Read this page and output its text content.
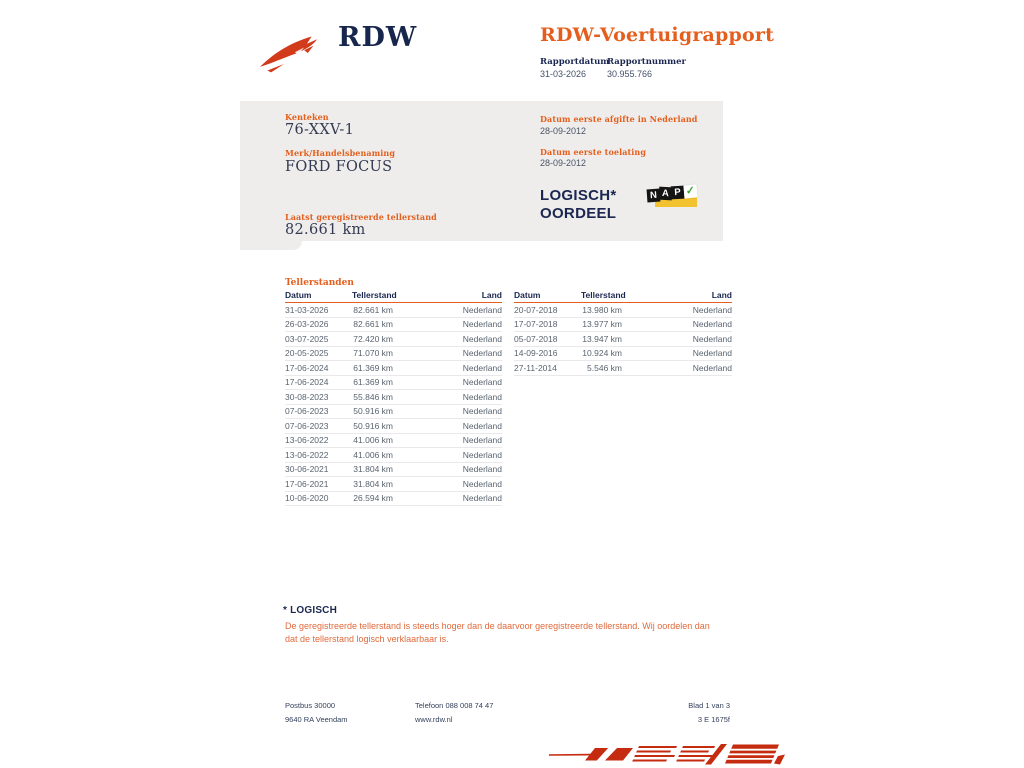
RDW	RDW-Voertuigrapport
Rapportdatum
Rapportnummer
31-03-2026 30.955.766
Kenteken
76-XXV-1
Merk/Handelsbenaming
FORD FOCUS
Laatst geregistreerde tellerstand
82.661 km
Datum eerste afgifte in Nederland
28-09-2012
Datum eerste toelating
28-09-2012
LOGISCH*
OORDEEL
N A P ✓
Tellerstanden
Datum	Tellerstand	Land
31-03-2026	82.661 km	Nederland
26-03-2026	82.661 km	Nederland
03-07-2025	72.420 km	Nederland
20-05-2025	71.070 km	Nederland
17-06-2024	61.369 km	Nederland
17-06-2024	61.369 km	Nederland
30-08-2023	55.846 km	Nederland
07-06-2023	50.916 km	Nederland
07-06-2023	50.916 km	Nederland
13-06-2022	41.006 km	Nederland
13-06-2022	41.006 km	Nederland
30-06-2021	31.804 km	Nederland
17-06-2021	31.804 km	Nederland
10-06-2020	26.594 km	Nederland
Datum	Tellerstand	Land
20-07-2018	13.980 km	Nederland
17-07-2018	13.977 km	Nederland
05-07-2018	13.947 km	Nederland
14-09-2016	10.924 km	Nederland
27-11-2014	5.546 km	Nederland
* LOGISCH
De geregistreerde tellerstand is steeds hoger dan de daarvoor geregistreerde tellerstand. Wij oordelen dan dat de tellerstand logisch verklaarbaar is.
Postbus 30000
9640 RA Veendam
Telefoon 088 008 74 47
www.rdw.nl
Blad 1 van 3
3 E 1675f
